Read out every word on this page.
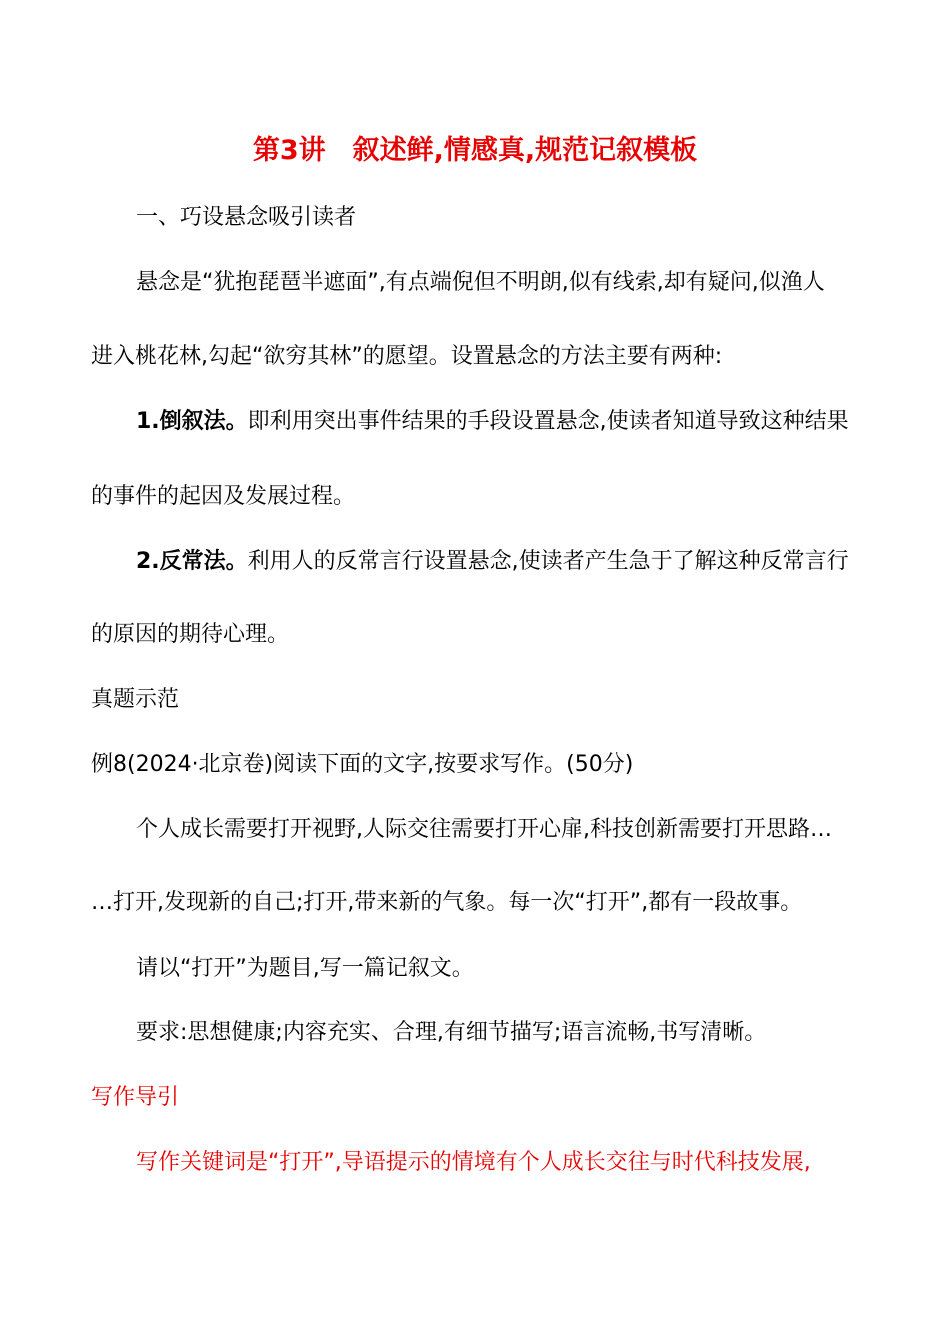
第3讲　叙述鲜,情感真,规范记叙模板
一、巧设悬念吸引读者
悬念是“犹抱琵琶半遮面”,有点端倪但不明朗,似有线索,却有疑问,似渔人
进入桃花林,勾起“欲穷其林”的愿望。设置悬念的方法主要有两种:
1.倒叙法。即利用突出事件结果的手段设置悬念,使读者知道导致这种结果
的事件的起因及发展过程。
2.反常法。利用人的反常言行设置悬念,使读者产生急于了解这种反常言行
的原因的期待心理。
真题示范
例8(2024·北京卷)阅读下面的文字,按要求写作。(50分)
个人成长需要打开视野,人际交往需要打开心扉,科技创新需要打开思路…
…打开,发现新的自己;打开,带来新的气象。每一次“打开”,都有一段故事。
请以“打开”为题目,写一篇记叙文。
要求:思想健康;内容充实、合理,有细节描写;语言流畅,书写清晰。
写作导引
写作关键词是“打开”,导语提示的情境有个人成长交往与时代科技发展,
